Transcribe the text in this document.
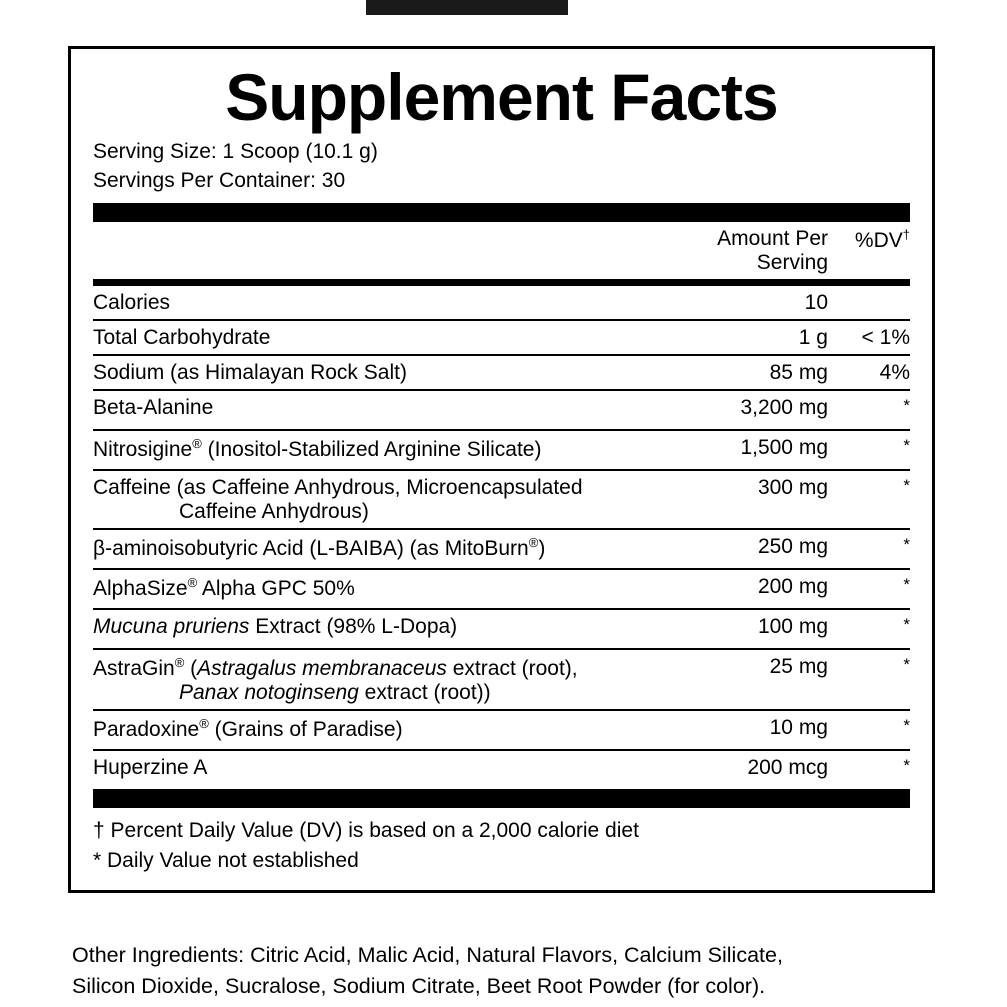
Supplement Facts
Serving Size: 1 Scoop (10.1 g)
Servings Per Container: 30
	Amount Per Serving	%DV†
Calories	10	
Total Carbohydrate	1 g	< 1%
Sodium (as Himalayan Rock Salt)	85 mg	4%
Beta-Alanine	3,200 mg	*
Nitrosigine® (Inositol-Stabilized Arginine Silicate)	1,500 mg	*
Caffeine (as Caffeine Anhydrous, Microencapsulated
Caffeine Anhydrous)	300 mg	*
β-aminoisobutyric Acid (L-BAIBA) (as MitoBurn®)	250 mg	*
AlphaSize® Alpha GPC 50%	200 mg	*
Mucuna pruriens Extract (98% L-Dopa)	100 mg	*
AstraGin® (Astragalus membranaceus extract (root),
Panax notoginseng extract (root))	25 mg	*
Paradoxine® (Grains of Paradise)	10 mg	*
Huperzine A	200 mcg	*
† Percent Daily Value (DV) is based on a 2,000 calorie diet
* Daily Value not established
Other Ingredients: Citric Acid, Malic Acid, Natural Flavors, Calcium Silicate,
Silicon Dioxide, Sucralose, Sodium Citrate, Beet Root Powder (for color).
